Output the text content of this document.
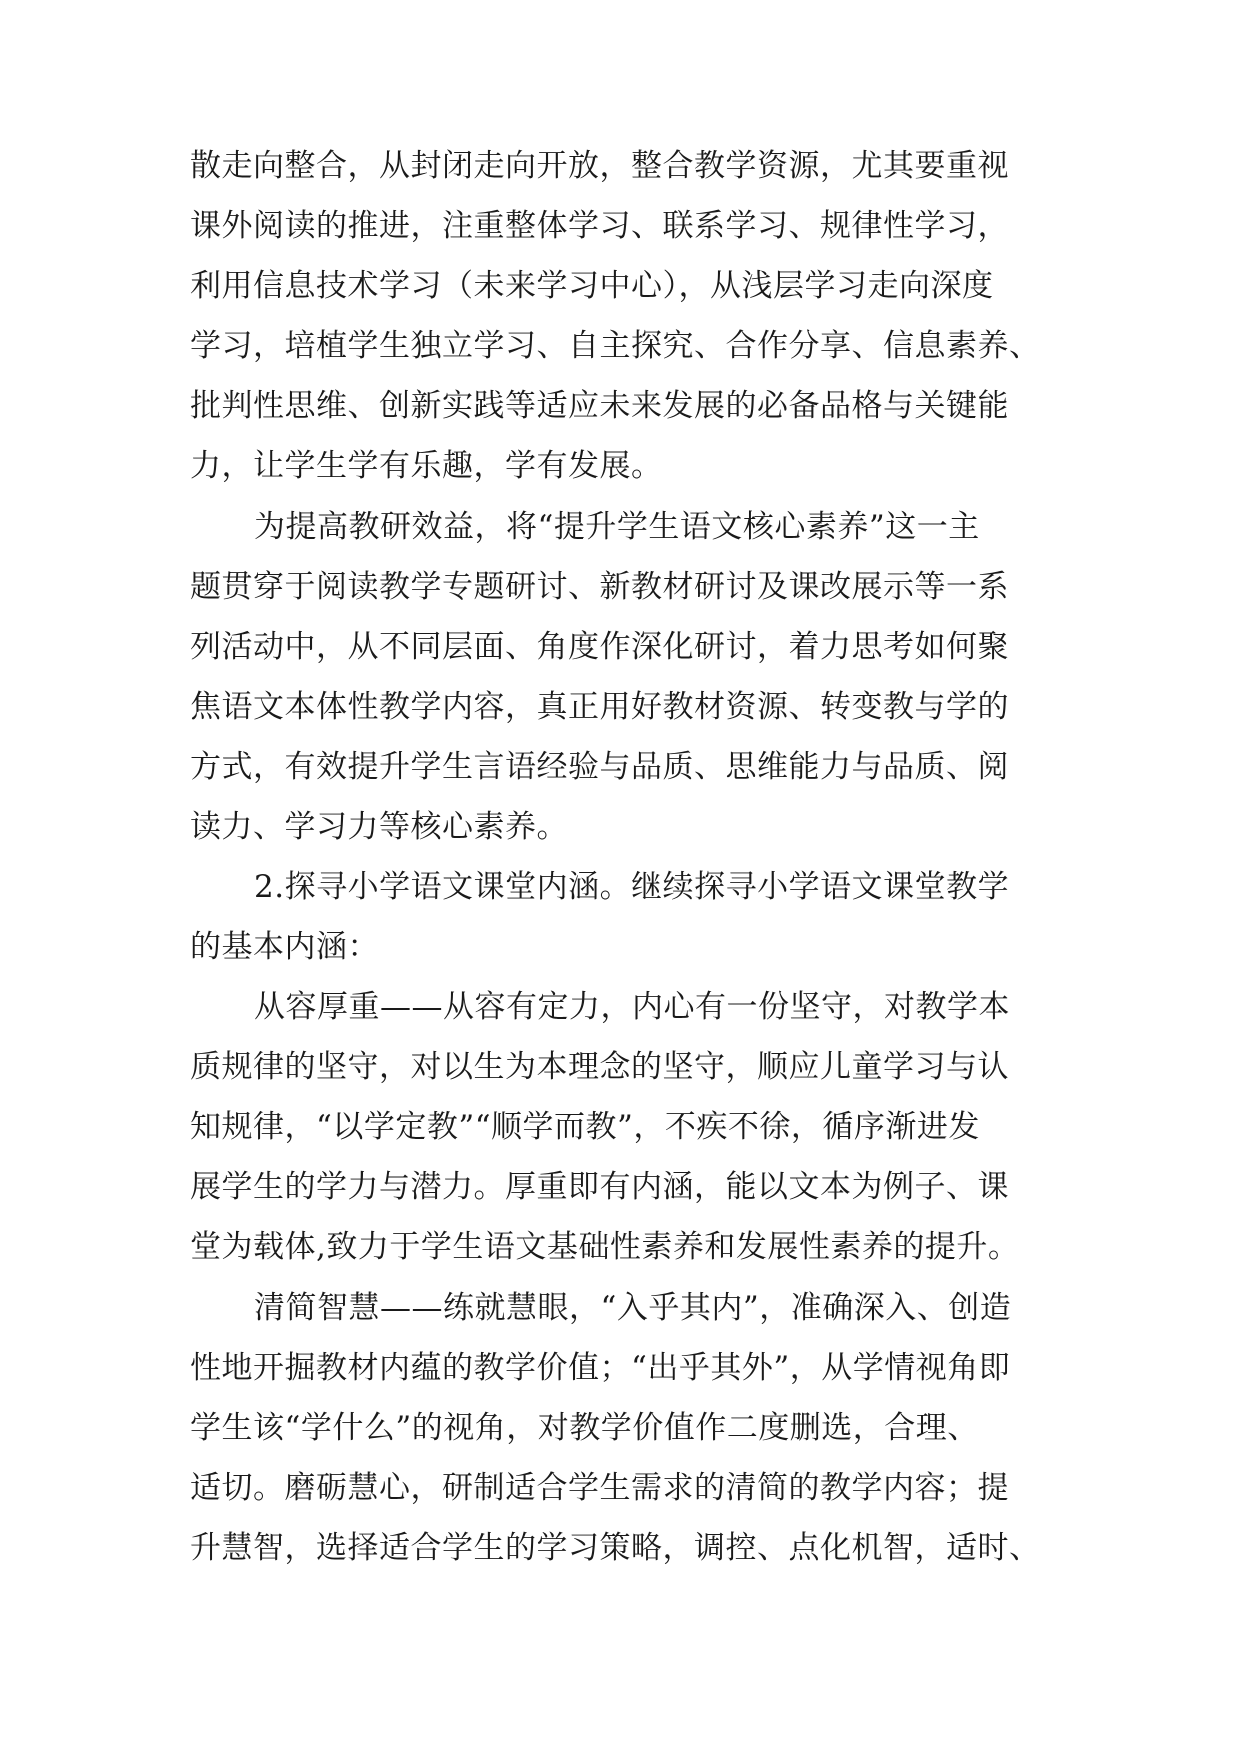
散走向整合，从封闭走向开放，整合教学资源，尤其要重视
课外阅读的推进，注重整体学习、联系学习、规律性学习，
利用信息技术学习（未来学习中心），从浅层学习走向深度
学习，培植学生独立学习、自主探究、合作分享、信息素养、
批判性思维、创新实践等适应未来发展的必备品格与关键能
力，让学生学有乐趣，学有发展。
为提高教研效益，将“提升学生语文核心素养”这一主
题贯穿于阅读教学专题研讨、新教材研讨及课改展示等一系
列活动中，从不同层面、角度作深化研讨，着力思考如何聚
焦语文本体性教学内容，真正用好教材资源、转变教与学的
方式，有效提升学生言语经验与品质、思维能力与品质、阅
读力、学习力等核心素养。
2.探寻小学语文课堂内涵。继续探寻小学语文课堂教学
的基本内涵：
从容厚重——从容有定力，内心有一份坚守，对教学本
质规律的坚守，对以生为本理念的坚守，顺应儿童学习与认
知规律，“以学定教”“顺学而教”，不疾不徐，循序渐进发
展学生的学力与潜力。厚重即有内涵，能以文本为例子、课
堂为载体,致力于学生语文基础性素养和发展性素养的提升。
清简智慧——练就慧眼，“入乎其内”，准确深入、创造
性地开掘教材内蕴的教学价值；“出乎其外”，从学情视角即
学生该“学什么”的视角，对教学价值作二度删选，合理、
适切。磨砺慧心，研制适合学生需求的清简的教学内容；提
升慧智，选择适合学生的学习策略，调控、点化机智，适时、
